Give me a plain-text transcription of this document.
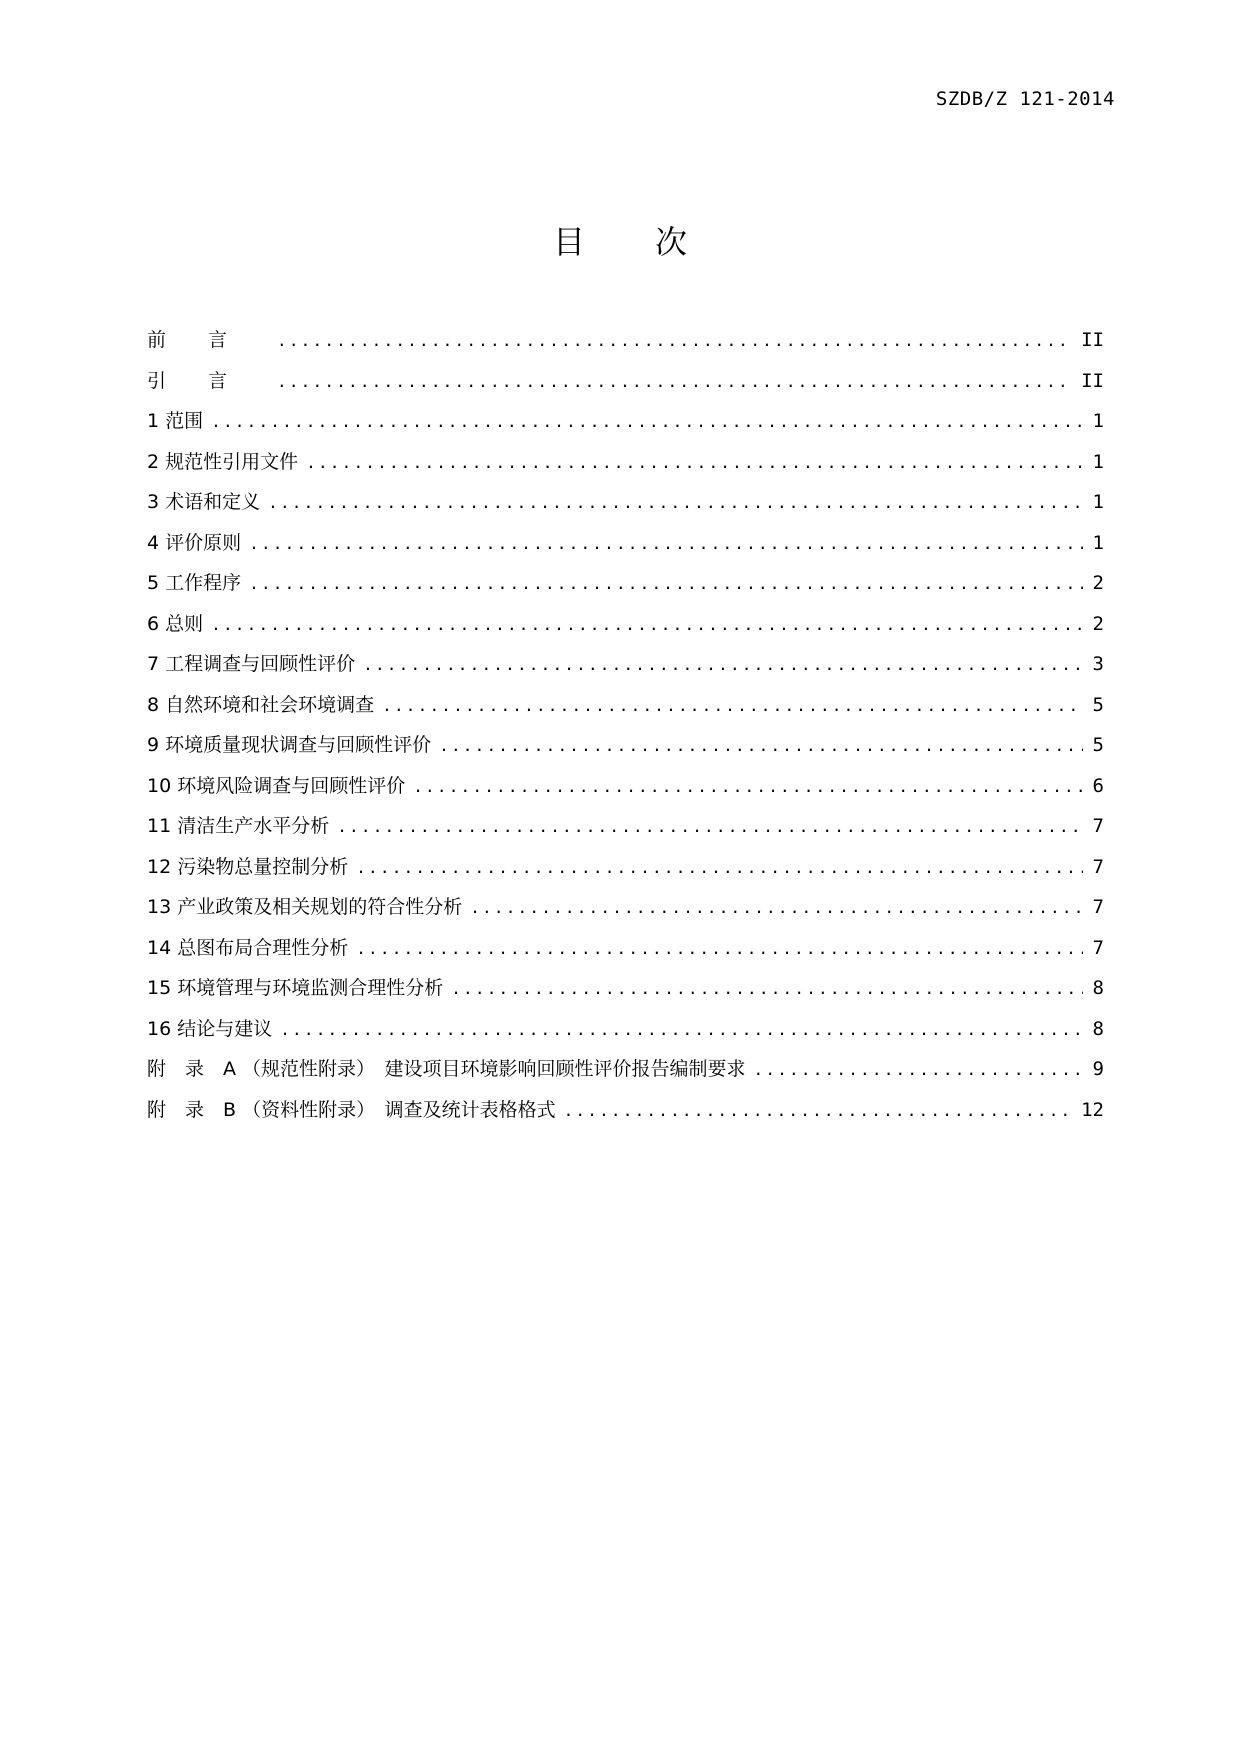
SZDB/Z 121-2014
目 次
前言 .....	II
引言 .....	II
1 范围 .....	1
2 规范性引用文件 .....	1
3 术语和定义 .....	1
4 评价原则 .....	1
5 工作程序 .....	2
6 总则 .....	2
7 工程调查与回顾性评价 .....	3
8 自然环境和社会环境调查 .....	5
9 环境质量现状调查与回顾性评价 .....	5
10 环境风险调查与回顾性评价 .....	6
11 清洁生产水平分析 .....	7
12 污染物总量控制分析 .....	7
13 产业政策及相关规划的符合性分析 .....	7
14 总图布局合理性分析 .....	7
15 环境管理与环境监测合理性分析 .....	8
16 结论与建议 .....	8
附　录　A （规范性附录）　建设项目环境影响回顾性评价报告编制要求 .....	9
附　录　B （资料性附录）　调查及统计表格格式 .....	12
